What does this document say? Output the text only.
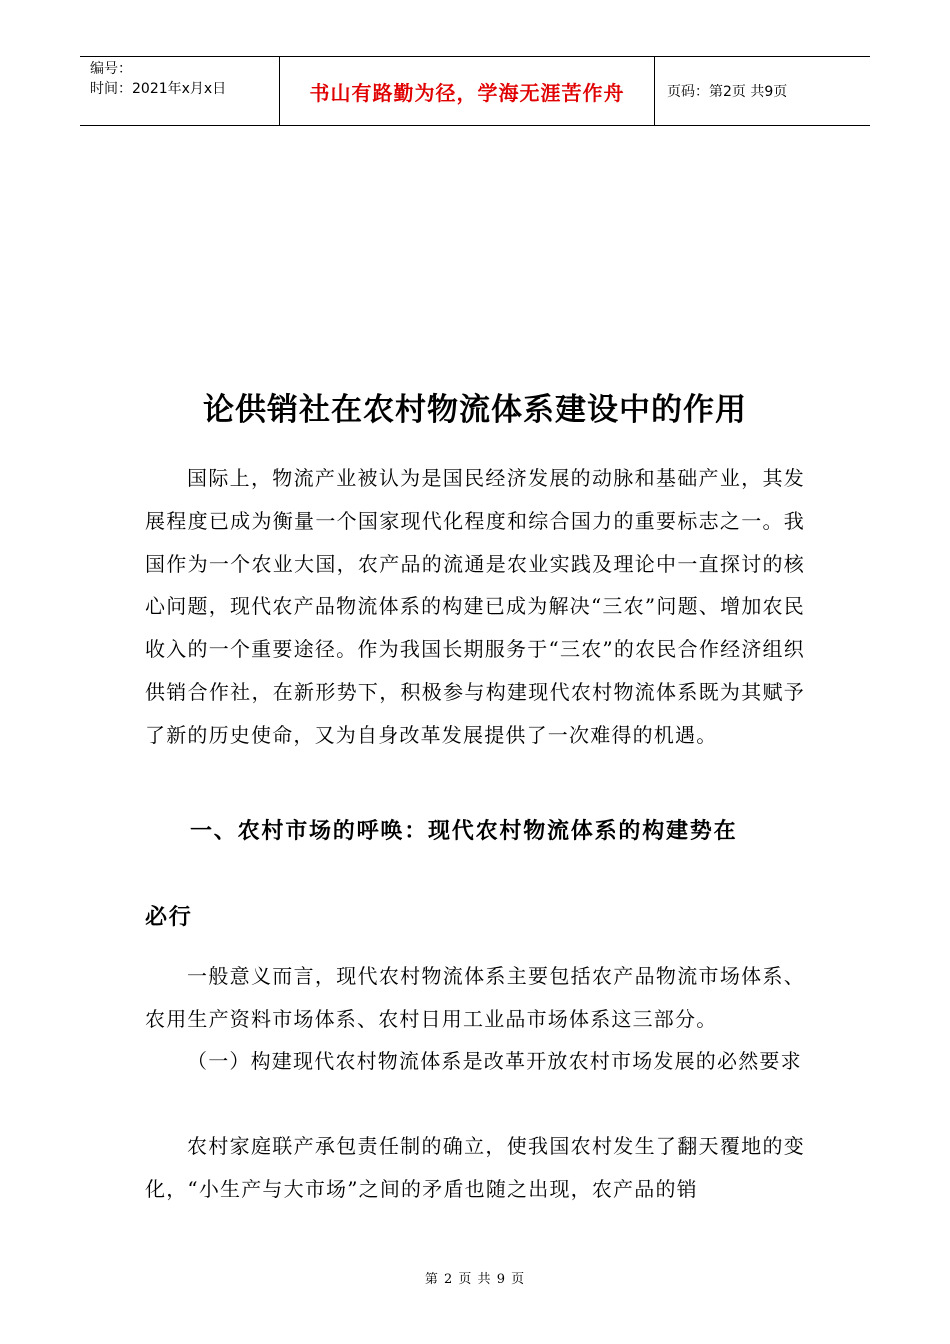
编号：
时间：2021年x月x日	书山有路勤为径，学海无涯苦作舟	页码：第2页 共9页
论供销社在农村物流体系建设中的作用
国际上，物流产业被认为是国民经济发展的动脉和基础产业，其发展程度已成为衡量一个国家现代化程度和综合国力的重要标志之一。我国作为一个农业大国，农产品的流通是农业实践及理论中一直探讨的核心问题，现代农产品物流体系的构建已成为解决“三农”问题、增加农民收入的一个重要途径。作为我国长期服务于“三农”的农民合作经济组织供销合作社，在新形势下，积极参与构建现代农村物流体系既为其赋予了新的历史使命，又为自身改革发展提供了一次难得的机遇。
一、农村市场的呼唤：现代农村物流体系的构建势在
必行
一般意义而言，现代农村物流体系主要包括农产品物流市场体系、农用生产资料市场体系、农村日用工业品市场体系这三部分。
（一）构建现代农村物流体系是改革开放农村市场发展的必然要求
农村家庭联产承包责任制的确立，使我国农村发生了翻天覆地的变化，“小生产与大市场”之间的矛盾也随之出现，农产品的销
第 2 页 共 9 页
